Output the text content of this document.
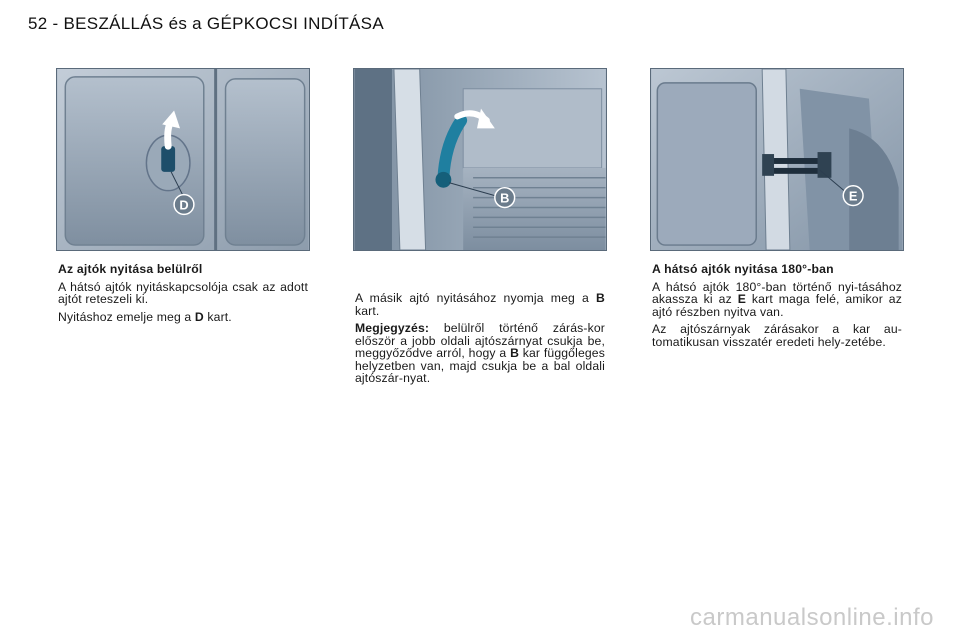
52 - BESZÁLLÁS és a GÉPKOCSI INDÍTÁSA
D	B	E
Az ajtók nyitása belülről

A hátsó ajtók nyitáskapcsolója csak az adott ajtót reteszeli ki.

Nyitáshoz emelje meg a D kart.

A másik ajtó nyitásához nyomja meg a B kart.

Megjegyzés: belülről történő zárás-kor először a jobb oldali ajtószárnyat csukja be, meggyőződve arról, hogy a B kar függőleges helyzetben van, majd csukja be a bal oldali ajtószár-nyat.

A hátsó ajtók nyitása 180°-ban

A hátsó ajtók 180°-ban történő nyi-tásához akassza ki az E kart maga felé, amikor az ajtó részben nyitva van.

Az ajtószárnyak zárásakor a kar au-tomatikusan visszatér eredeti hely-zetébe.

carmanualsonline.info
